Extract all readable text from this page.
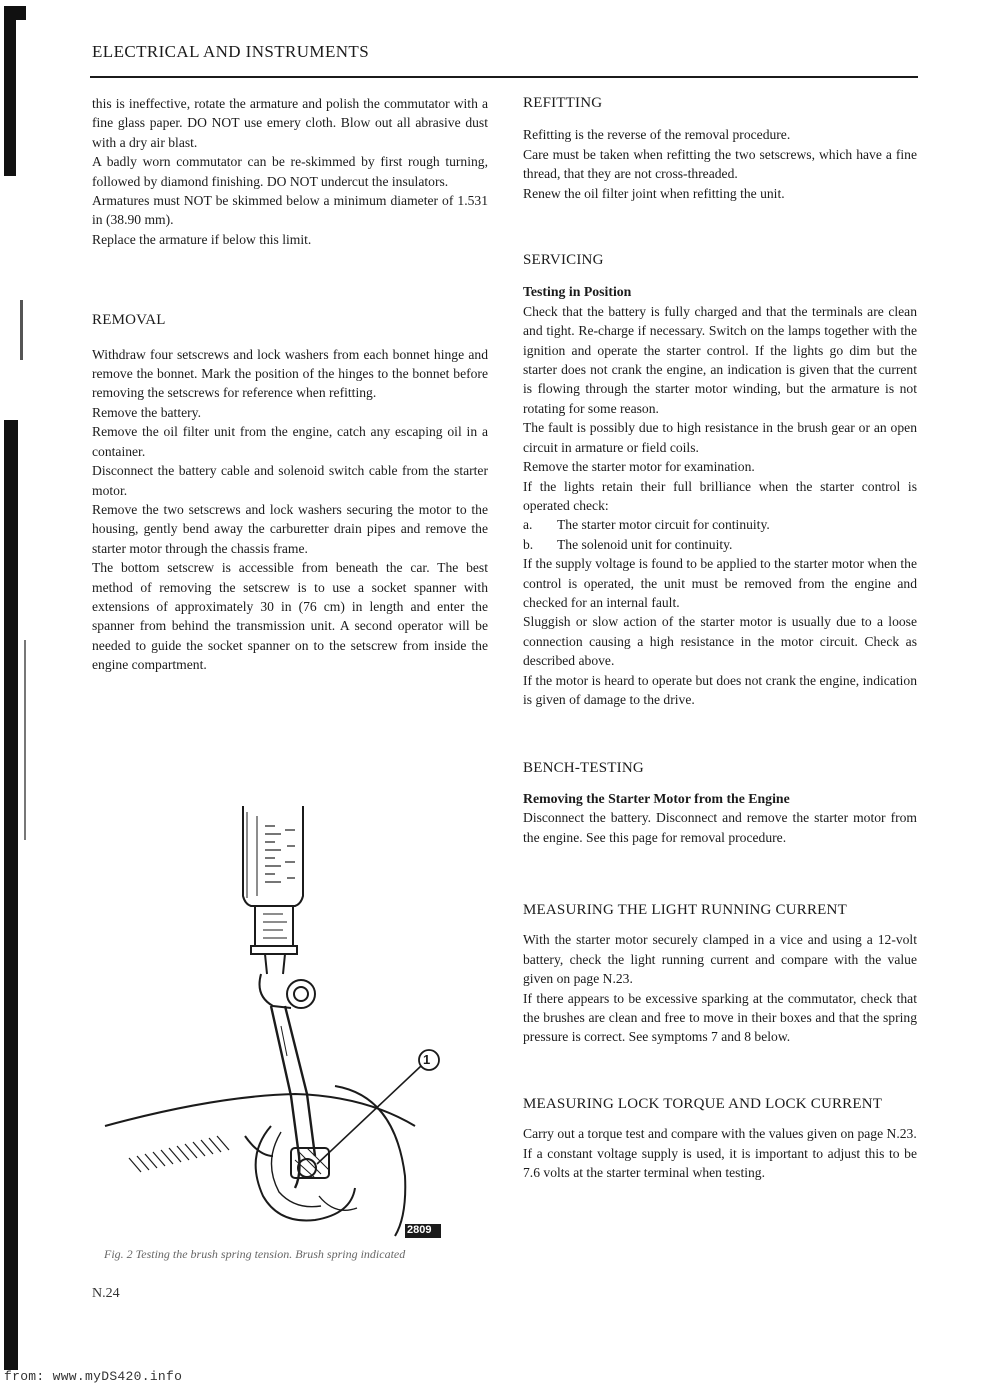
ELECTRICAL AND INSTRUMENTS

this is ineffective, rotate the armature and polish the commutator with a fine glass paper. DO NOT use emery cloth. Blow out all abrasive dust with a dry air blast.

A badly worn commutator can be re-skimmed by first rough turning, followed by diamond finishing. DO NOT undercut the insulators.

Armatures must NOT be skimmed below a minimum diameter of 1.531 in (38.90 mm).

Replace the armature if below this limit.

REMOVAL

Withdraw four setscrews and lock washers from each bonnet hinge and remove the bonnet. Mark the position of the hinges to the bonnet before removing the setscrews for reference when refitting.

Remove the battery.

Remove the oil filter unit from the engine, catch any escaping oil in a container.

Disconnect the battery cable and solenoid switch cable from the starter motor.

Remove the two setscrews and lock washers securing the motor to the housing, gently bend away the carburetter drain pipes and remove the starter motor through the chassis frame.

The bottom setscrew is accessible from beneath the car. The best method of removing the setscrew is to use a socket spanner with extensions of approximately 30 in (76 cm) in length and enter the spanner from behind the transmission unit. A second operator will be needed to guide the socket spanner on to the setscrew from inside the engine compartment.

1
2809
Fig. 2 Testing the brush spring tension. Brush spring indicated
N.24
REFITTING

Refitting is the reverse of the removal procedure.

Care must be taken when refitting the two setscrews, which have a fine thread, that they are not cross-threaded.

Renew the oil filter joint when refitting the unit.

SERVICING
Testing in Position

Check that the battery is fully charged and that the terminals are clean and tight. Re-charge if necessary. Switch on the lamps together with the ignition and operate the starter control. If the lights go dim but the starter does not crank the engine, an indication is given that the current is flowing through the starter motor winding, but the armature is not rotating for some reason.

The fault is possibly due to high resistance in the brush gear or an open circuit in armature or field coils.

Remove the starter motor for examination.

If the lights retain their full brilliance when the starter control is operated check:

a.	The starter motor circuit for continuity.
b.	The solenoid unit for continuity.

If the supply voltage is found to be applied to the starter motor when the control is operated, the unit must be removed from the engine and checked for an internal fault.

Sluggish or slow action of the starter motor is usually due to a loose connection causing a high resistance in the motor circuit. Check as described above.

If the motor is heard to operate but does not crank the engine, indication is given of damage to the drive.

BENCH-TESTING
Removing the Starter Motor from the Engine

Disconnect the battery. Disconnect and remove the starter motor from the engine. See this page for removal procedure.

MEASURING THE LIGHT RUNNING CURRENT

With the starter motor securely clamped in a vice and using a 12-volt battery, check the light running current and compare with the value given on page N.23.

If there appears to be excessive sparking at the commutator, check that the brushes are clean and free to move in their boxes and that the spring pressure is correct. See symptoms 7 and 8 below.

MEASURING LOCK TORQUE AND LOCK CURRENT

Carry out a torque test and compare with the values given on page N.23.

If a constant voltage supply is used, it is important to adjust this to be 7.6 volts at the starter terminal when testing.

from: www.myDS420.info
